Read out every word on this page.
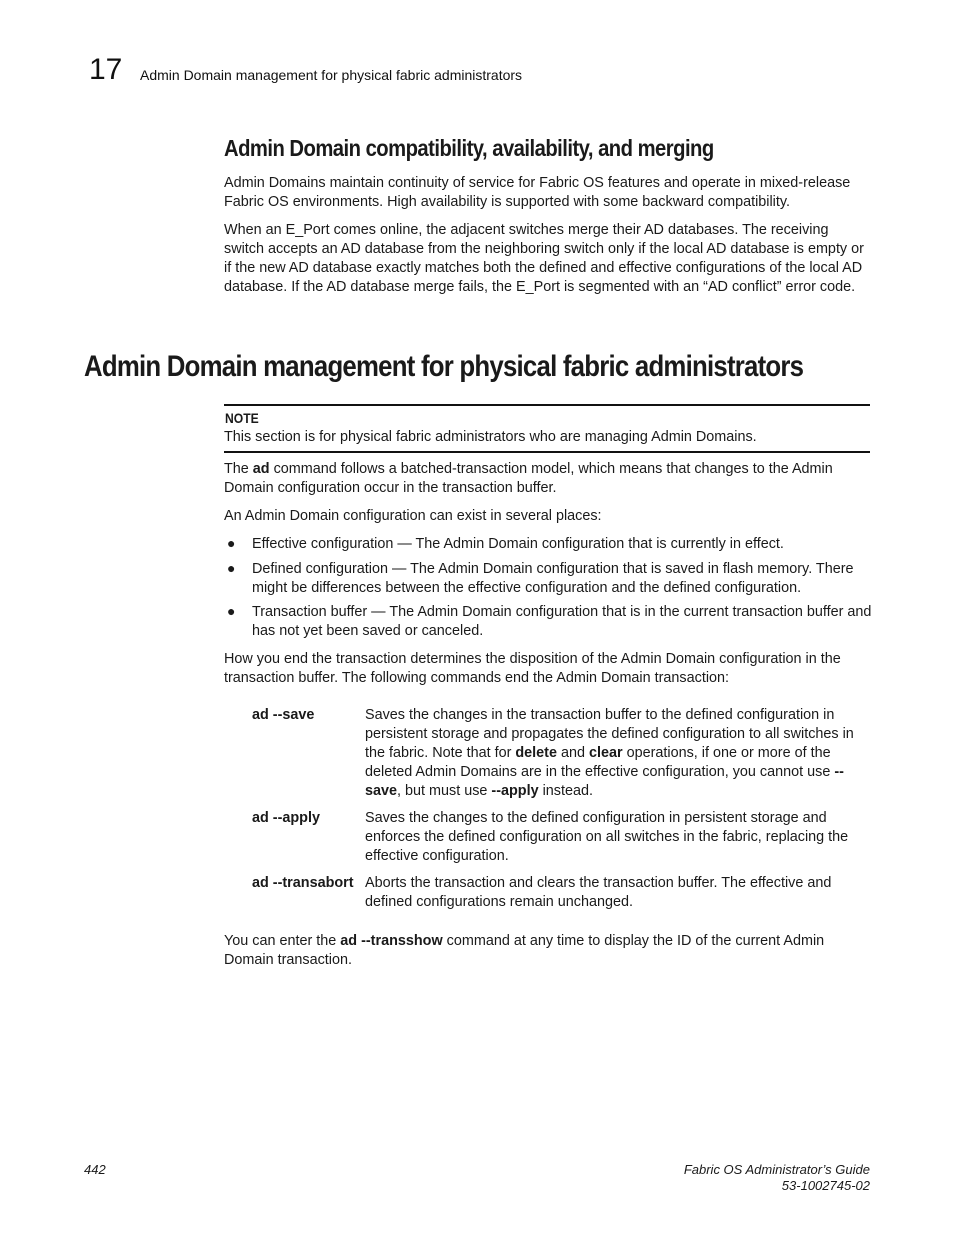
17 Admin Domain management for physical fabric administrators
Admin Domain compatibility, availability, and merging
Admin Domains maintain continuity of service for Fabric OS features and operate in mixed-release Fabric OS environments. High availability is supported with some backward compatibility.
When an E_Port comes online, the adjacent switches merge their AD databases. The receiving switch accepts an AD database from the neighboring switch only if the local AD database is empty or if the new AD database exactly matches both the defined and effective configurations of the local AD database. If the AD database merge fails, the E_Port is segmented with an “AD conflict” error code.
Admin Domain management for physical fabric administrators
NOTE
This section is for physical fabric administrators who are managing Admin Domains.
The ad command follows a batched-transaction model, which means that changes to the Admin Domain configuration occur in the transaction buffer.
An Admin Domain configuration can exist in several places:
● Effective configuration — The Admin Domain configuration that is currently in effect.
● Defined configuration — The Admin Domain configuration that is saved in flash memory. There might be differences between the effective configuration and the defined configuration.
● Transaction buffer — The Admin Domain configuration that is in the current transaction buffer and has not yet been saved or canceled.
How you end the transaction determines the disposition of the Admin Domain configuration in the transaction buffer. The following commands end the Admin Domain transaction:
ad --save	Saves the changes in the transaction buffer to the defined configuration in persistent storage and propagates the defined configuration to all switches in the fabric. Note that for delete and clear operations, if one or more of the deleted Admin Domains are in the effective configuration, you cannot use --save, but must use --apply instead.
ad --apply	Saves the changes to the defined configuration in persistent storage and enforces the defined configuration on all switches in the fabric, replacing the effective configuration.
ad --transabort Aborts the transaction and clears the transaction buffer. The effective and defined configurations remain unchanged.
You can enter the ad --transshow command at any time to display the ID of the current Admin Domain transaction.
442	Fabric OS Administrator’s Guide
53-1002745-02
